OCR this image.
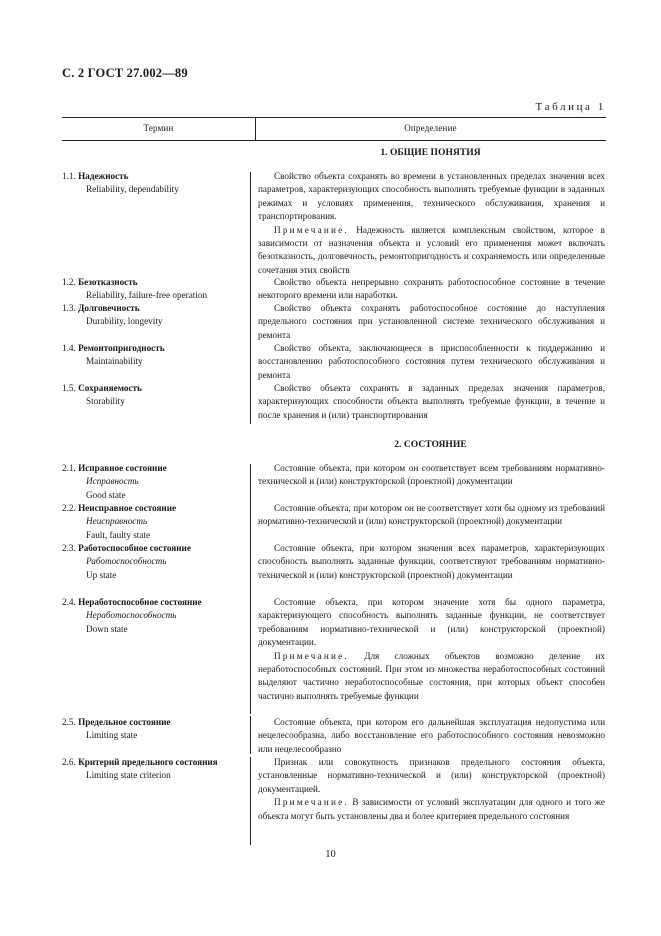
С. 2 ГОСТ 27.002—89
Таблица 1
Термин	Определение
1. ОБЩИЕ ПОНЯТИЯ
1.1. Надежность
Reliability, dependability
Свойство объекта сохранять во времени в установленных пределах значения всех параметров, характеризующих способность выполнять требуемые функции в заданных режимах и условиях применения, технического обслуживания, хранения и транспортирования.
Примечание. Надежность является комплексным свойством, которое в зависимости от назначения объекта и условий его применения может включать безотказность, долговечность, ремонтопригодность и сохраняемость или определенные сочетания этих свойств
1.2. Безотказность
Reliability, failure-free operation
Свойство объекта непрерывно сохранять работоспособное состояние в течение некоторого времени или наработки.
1.3. Долговечность
Durability, longevity
Свойство объекта сохранять работоспособное состояние до наступления предельного состояния при установленной системе технического обслуживания и ремонта
1.4. Ремонтопригодность
Maintainability
Свойство объекта, заключающееся в приспособленности к поддержанию и восстановлению работоспособного состояния путем технического обслуживания и ремонта
1.5. Сохраняемость
Storability
Свойство объекта сохранять в заданных пределах значения параметров, характеризующих способности объекта выполнять требуемые функции, в течение и после хранения и (или) транспортирования
2. СОСТОЯНИЕ
2.1. Исправное состояние
Исправность
Good state
Состояние объекта, при котором он соответствует всем требованиям нормативно-технической и (или) конструкторской (проектной) документации
2.2. Неисправное состояние
Неисправность
Fault, faulty state
Состояние объекта, при котором он не соответствует хотя бы одному из требований нормативно-технической и (или) конструкторской (проектной) документации
2.3. Работоспособное состояние
Работоспособность
Up state
Состояние объекта, при котором значения всех параметров, характеризующих способность выполнять заданные функции, соответствуют требованиям нормативно-технической и (или) конструкторской (проектной) документации
2.4. Неработоспособное состояние
Неработоспособность
Down state
Состояние объекта, при котором значение хотя бы одного параметра, характеризующего способность выполнять заданные функции, не соответствует требованиям нормативно-технической и (или) конструкторской (проектной) документации.
Примечание. Для сложных объектов возможно деление их неработоспособных состояний. При этом из множества неработоспособных состояний выделяют частично неработоспособные состояния, при которых объект способен частично выполнять требуемые функции
2.5. Предельное состояние
Limiting state
Состояние объекта, при котором его дальнейшая эксплуатация недопустима или нецелесообразна, либо восстановление его работоспособного состояния невозможно или нецелесообразно
2.6. Критерий предельного состояния
Limiting state criterion
Признак или совокупность признаков предельного состояния объекта, установленные нормативно-технической и (или) конструкторской (проектной) документацией.
Примечание. В зависимости от условий эксплуатации для одного и того же объекта могут быть установлены два и более критериев предельного состояния
10
